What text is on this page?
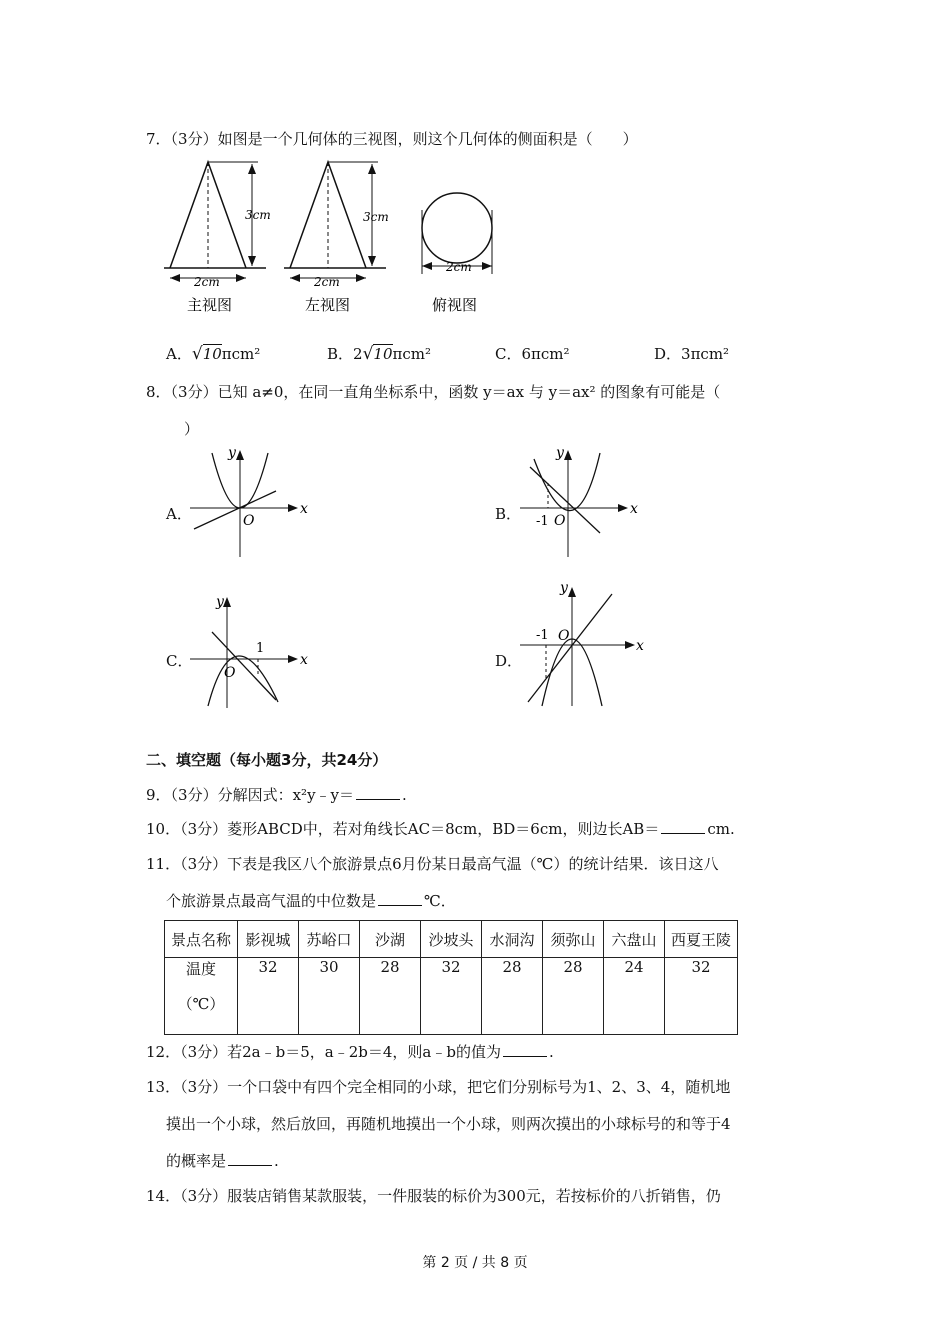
7．（3分）如图是一个几何体的三视图，则这个几何体的侧面积是（　　）
3cm
2cm
主视图
3cm
2cm
左视图
2cm
俯视图
A．√10πcm²	B．2√10πcm²	C．6πcm²	D．3πcm²
8．（3分）已知 a≠0，在同一直角坐标系中，函数 y＝ax 与 y＝ax² 的图象有可能是（
）
A．	x
y
O	B．	x
y
O
-1
C．	x
y
O
1
D．
x
y
O
-1
二、填空题（每小题3分，共24分）
9．（3分）分解因式：x²y﹣y＝	.
10．（3分）菱形ABCD中，若对角线长AC＝8cm，BD＝6cm，则边长AB＝	cm.
11．（3分）下表是我区八个旅游景点6月份某日最高气温（℃）的统计结果．该日这八
个旅游景点最高气温的中位数是	℃．
景点名称	影视城	苏峪口	沙湖	沙坡头	水洞沟	须弥山	六盘山	西夏王陵

温度
（℃）	32	30	28	32	28	28	24	32
12．（3分）若2a﹣b＝5，a﹣2b＝4，则a﹣b的值为	.
13．（3分）一个口袋中有四个完全相同的小球，把它们分别标号为1、2、3、4，随机地
摸出一个小球，然后放回，再随机地摸出一个小球，则两次摸出的小球标号的和等于4
的概率是	.
14．（3分）服装店销售某款服装，一件服装的标价为300元，若按标价的八折销售，仍
第 2 页 / 共 8 页
